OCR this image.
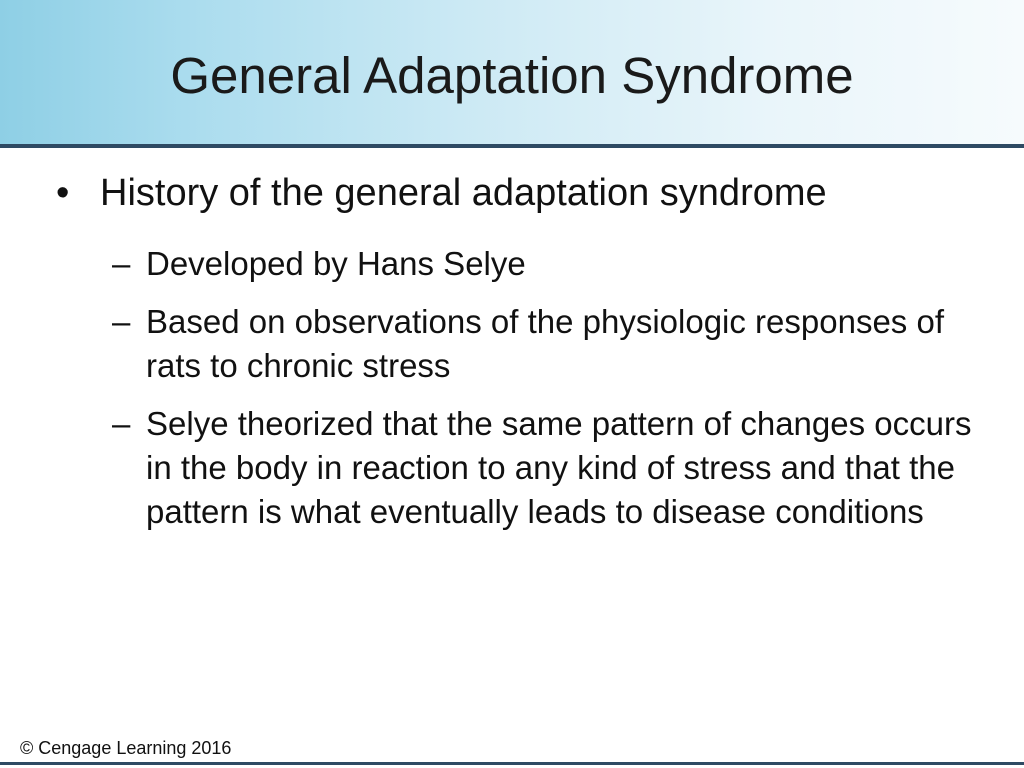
General Adaptation Syndrome
• History of the general adaptation syndrome
– Developed by Hans Selye
– Based on observations of the physiologic responses of rats to chronic stress
– Selye theorized that the same pattern of changes occurs in the body in reaction to any kind of stress and that the pattern is what eventually leads to disease conditions
© Cengage Learning 2016
